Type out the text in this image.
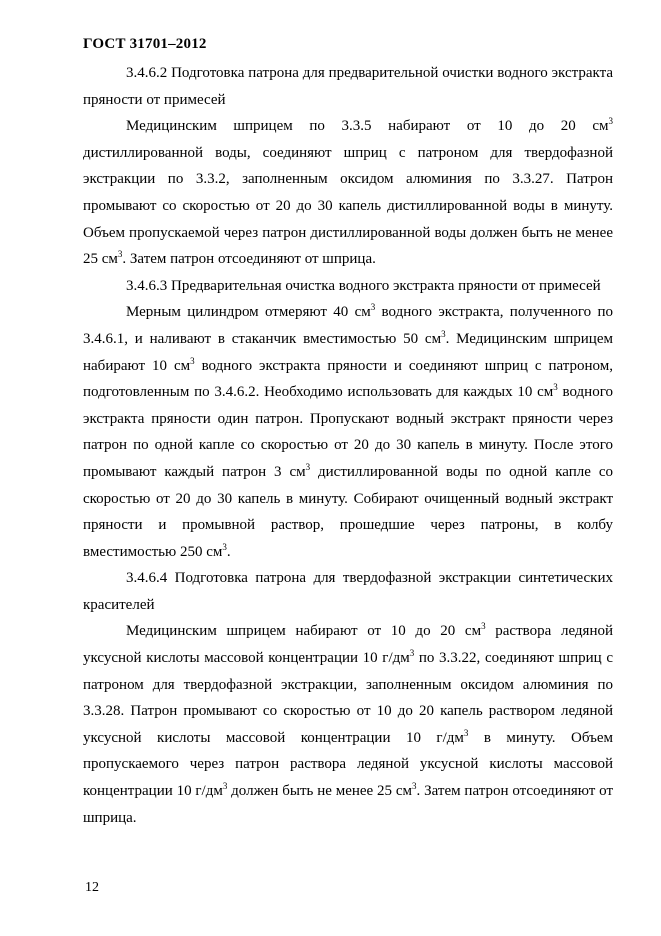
ГОСТ 31701–2012

3.4.6.2 Подготовка патрона для предварительной очистки водного экстракта пряности от примесей

Медицинским шприцем по 3.3.5 набирают от 10 до 20 $см^3$ дистиллированной воды, соединяют шприц с патроном для твердофазной экстракции по 3.3.2, заполненным оксидом алюминия по 3.3.27. Патрон промывают со скоростью от 20 до 30 капель дистиллированной воды в минуту. Объем пропускаемой через патрон дистиллированной воды должен быть не менее 25 $см^3$. Затем патрон отсоединяют от шприца.

3.4.6.3 Предварительная очистка водного экстракта пряности от примесей

Мерным цилиндром отмеряют 40 $см^3$ водного экстракта, полученного по 3.4.6.1, и наливают в стаканчик вместимостью 50 $см^3$. Медицинским шприцем набирают 10 $см^3$ водного экстракта пряности и соединяют шприц с патроном, подготовленным по 3.4.6.2. Необходимо использовать для каждых 10 $см^3$ водного экстракта пряности один патрон. Пропускают водный экстракт пряности через патрон по одной капле со скоростью от 20 до 30 капель в минуту. После этого промывают каждый патрон 3 $см^3$ дистиллированной воды по одной капле со скоростью от 20 до 30 капель в минуту. Собирают очищенный водный экстракт пряности и промывной раствор, прошедшие через патроны, в колбу вместимостью 250 $см^3$.

3.4.6.4 Подготовка патрона для твердофазной экстракции синтетических красителей

Медицинским шприцем набирают от 10 до 20 $см^3$ раствора ледяной уксусной кислоты массовой концентрации 10 $г/дм^3$ по 3.3.22, соединяют шприц с патроном для твердофазной экстракции, заполненным оксидом алюминия по 3.3.28. Патрон промывают со скоростью от 10 до 20 капель раствором ледяной уксусной кислоты массовой концентрации 10 $г/дм^3$ в минуту. Объем пропускаемого через патрон раствора ледяной уксусной кислоты массовой концентрации 10 $г/дм^3$ должен быть не менее 25 $см^3$. Затем патрон отсоединяют от шприца.

12
